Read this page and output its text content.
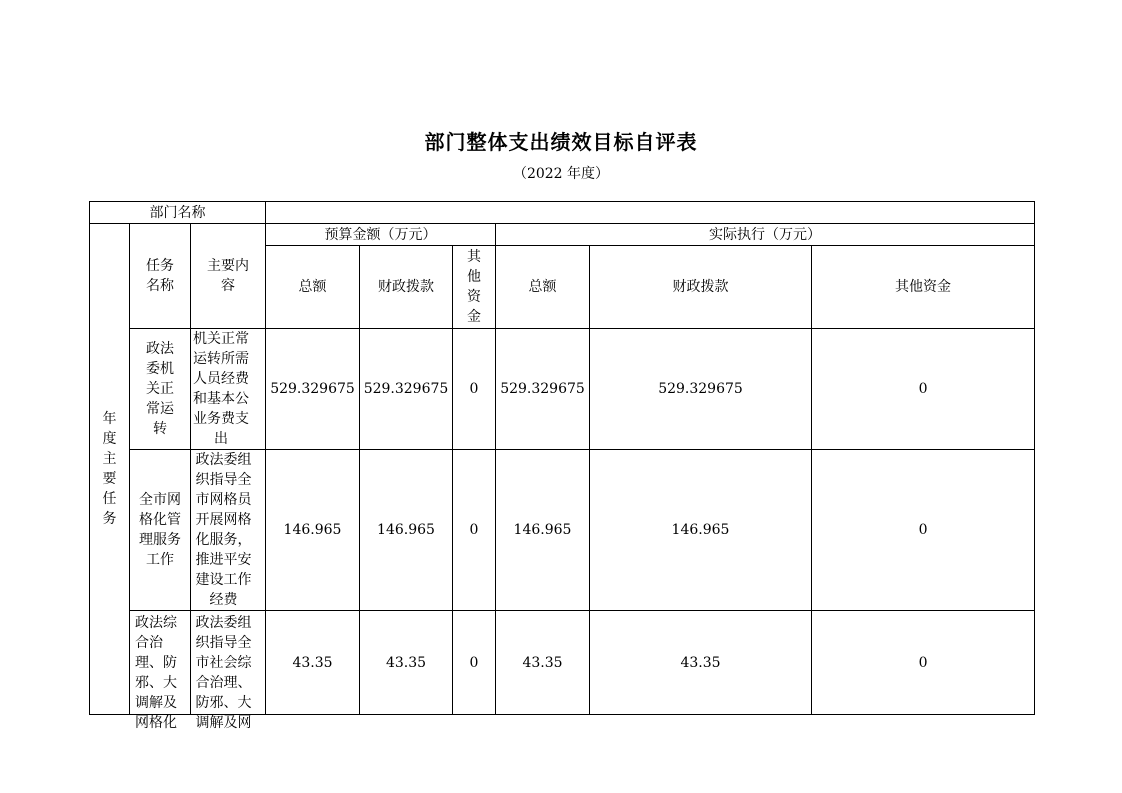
部门整体支出绩效目标自评表
（2022 年度）
部门名称								
年度主要任务	任务名称	主要内容	预算金额（万元）			实际执行（万元）		
			总额	财政拨款	其他资金	总额	财政拨款	其他资金
	政法委机关正常运转	机关正常运转所需人员经费和基本公业务费支出	529.329675	529.329675	0	529.329675	529.329675	0
	全市网格化管理服务工作	政法委组织指导全市网格员开展网格化服务，推进平安建设工作经费	146.965	146.965	0	146.965	146.965	0

	政法综合治理、防邪、大调解及网格化	政法委组织指导全市社会综合治理、防邪、大调解及网	43.35	43.35	0	43.35	43.35	0
